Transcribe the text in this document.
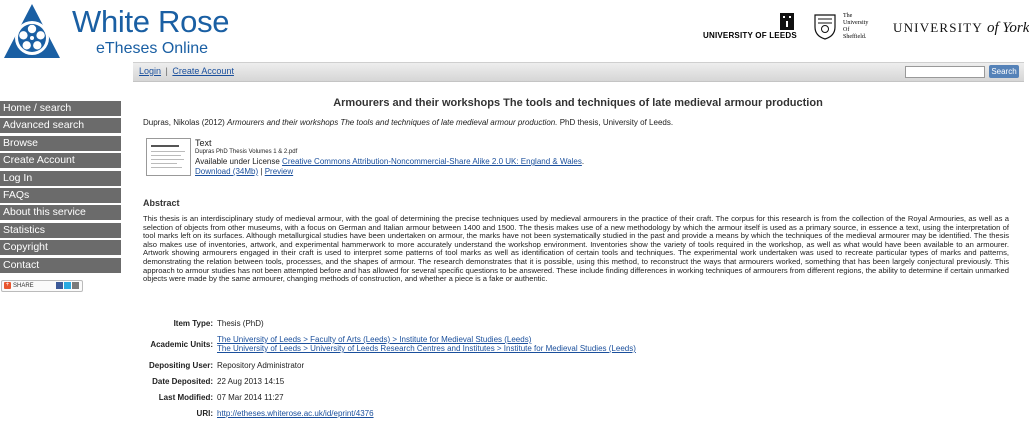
White Rose
eTheses Online
UNIVERSITY OF LEEDS
The
University
Of
Sheffield.
UNIVERSITY of York
Login | Create Account	Search
Home / search
Advanced search
Browse
Create Account
Log In
FAQs
About this service
Statistics
Copyright
Contact
+ SHARE
Armourers and their workshops The tools and techniques of late medieval armour production
Dupras, Nikolas (2012) Armourers and their workshops The tools and techniques of late medieval armour production. PhD thesis, University of Leeds.
Text
Dupras PhD Thesis Volumes 1 & 2.pdf
Available under License Creative Commons Attribution-Noncommercial-Share Alike 2.0 UK: England & Wales.
Download (34Mb) | Preview
Abstract
This thesis is an interdisciplinary study of medieval armour, with the goal of determining the precise techniques used by medieval armourers in the practice of their craft. The corpus for this research is from the collection of the Royal Armouries, as well as a selection of objects from other museums, with a focus on German and Italian armour between 1400 and 1500. The thesis makes use of a new methodology by which the armour itself is used as a primary source, in essence a text, using the interpretation of tool marks left on its surfaces. Although metallurgical studies have been undertaken on armour, the marks have not been systematically studied in the past and provide a means by which the techniques of the medieval armourer may be identified. The thesis also makes use of inventories, artwork, and experimental hammerwork to more accurately understand the workshop environment. Inventories show the variety of tools required in the workshop, as well as what would have been available to an armourer. Artwork showing armourers engaged in their craft is used to interpret some patterns of tool marks as well as identification of certain tools and techniques. The experimental work undertaken was used to recreate particular types of marks and patterns, demonstrating the relation between tools, processes, and the shapes of armour. The research demonstrates that it is possible, using this method, to reconstruct the ways that armourers worked, something that has been largely conjectural previously. This approach to armour studies has not been attempted before and has allowed for several specific questions to be answered. These include finding differences in working techniques of armourers from different regions, the ability to determine if certain unmarked objects were made by the same armourer, changing methods of construction, and whether a piece is a fake or authentic.
Item Type:	Thesis (PhD)
Academic Units:	The University of Leeds > Faculty of Arts (Leeds) > Institute for Medieval Studies (Leeds)
The University of Leeds > University of Leeds Research Centres and Institutes > Institute for Medieval Studies (Leeds)

Depositing User:	Repository Administrator
Date Deposited:	22 Aug 2013 14:15
Last Modified:	07 Mar 2014 11:27
URI:	http://etheses.whiterose.ac.uk/id/eprint/4376
